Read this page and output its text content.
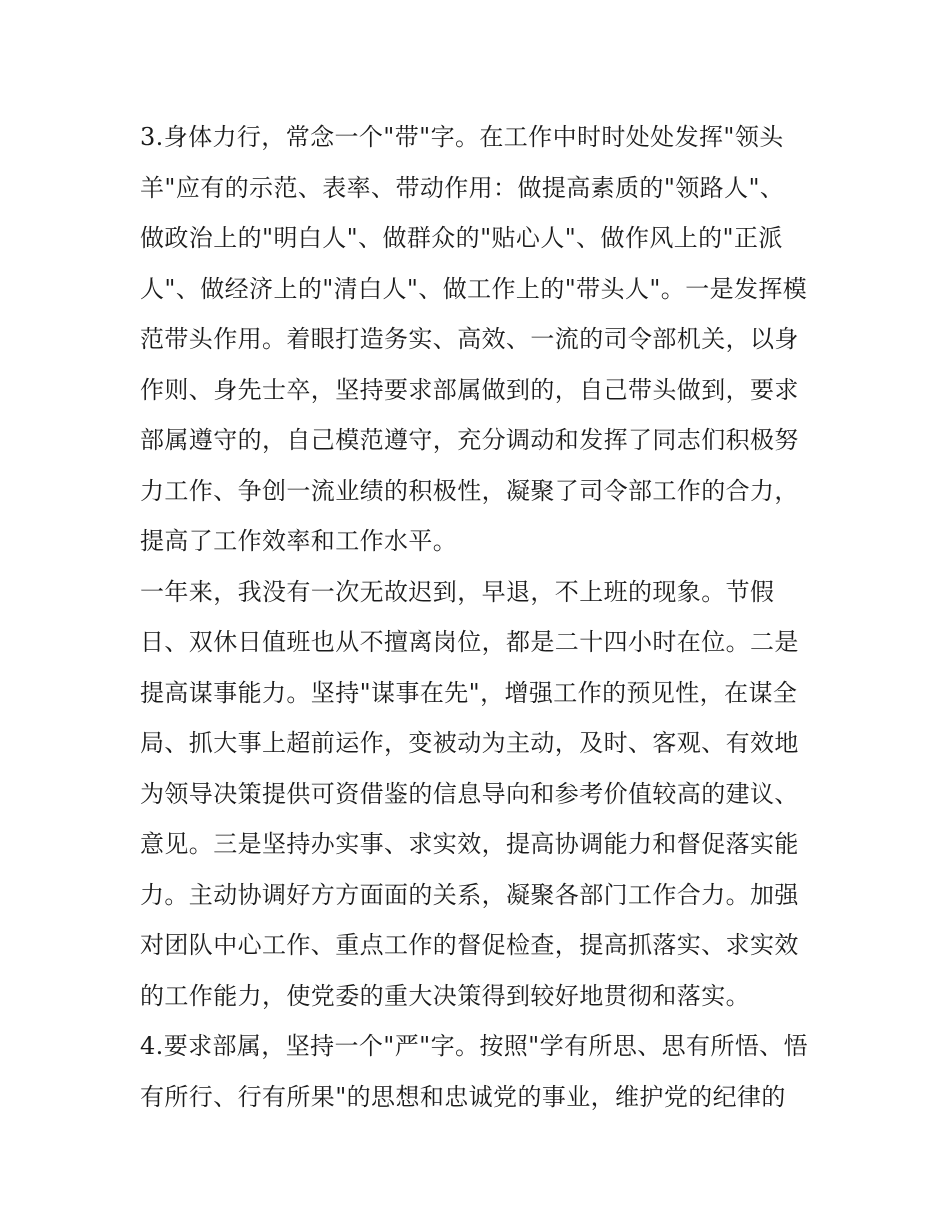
3.身体力行，常念一个"带"字。在工作中时时处处发挥"领头
羊"应有的示范、表率、带动作用：做提高素质的"领路人"、
做政治上的"明白人"、做群众的"贴心人"、做作风上的"正派
人"、做经济上的"清白人"、做工作上的"带头人"。一是发挥模
范带头作用。着眼打造务实、高效、一流的司令部机关，以身
作则、身先士卒，坚持要求部属做到的，自己带头做到，要求
部属遵守的，自己模范遵守，充分调动和发挥了同志们积极努
力工作、争创一流业绩的积极性，凝聚了司令部工作的合力，
提高了工作效率和工作水平。
一年来，我没有一次无故迟到，早退，不上班的现象。节假
日、双休日值班也从不擅离岗位，都是二十四小时在位。二是
提高谋事能力。坚持"谋事在先"，增强工作的预见性，在谋全
局、抓大事上超前运作，变被动为主动，及时、客观、有效地
为领导决策提供可资借鉴的信息导向和参考价值较高的建议、
意见。三是坚持办实事、求实效，提高协调能力和督促落实能
力。主动协调好方方面面的关系，凝聚各部门工作合力。加强
对团队中心工作、重点工作的督促检查，提高抓落实、求实效
的工作能力，使党委的重大决策得到较好地贯彻和落实。
4.要求部属，坚持一个"严"字。按照"学有所思、思有所悟、悟
有所行、行有所果"的思想和忠诚党的事业，维护党的纪律的
